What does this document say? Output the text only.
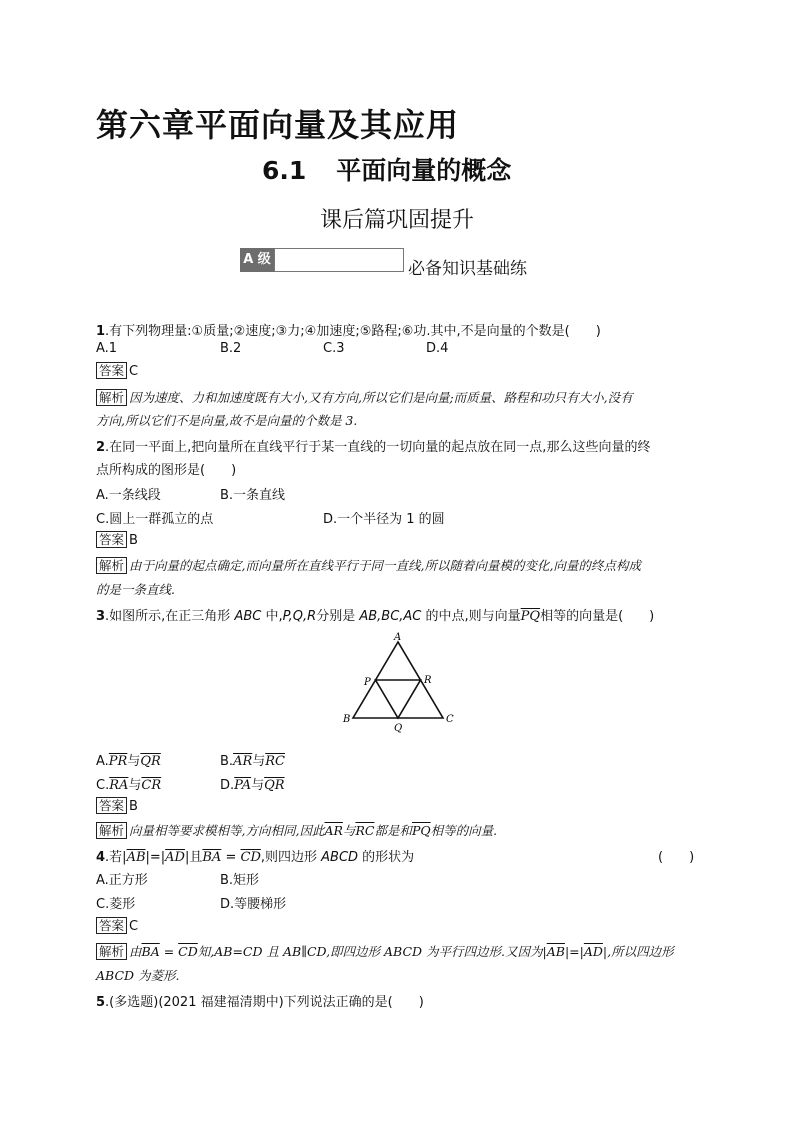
第六章平面向量及其应用
6.1 平面向量的概念
课后篇巩固提升
A 级	必备知识基础练
1.有下列物理量:①质量;②速度;③力;④加速度;⑤路程;⑥功.其中,不是向量的个数是(　　)
A.1	B.2	C.3	D.4
答案 C
解析 因为速度、力和加速度既有大小,又有方向,所以它们是向量;而质量、路程和功只有大小,没有
方向,所以它们不是向量,故不是向量的个数是 3.
2.在同一平面上,把向量所在直线平行于某一直线的一切向量的起点放在同一点,那么这些向量的终
点所构成的图形是(　　)
A.一条线段	B.一条直线
C.圆上一群孤立的点	D.一个半径为 1 的圆
答案 B
解析 由于向量的起点确定,而向量所在直线平行于同一直线,所以随着向量模的变化,向量的终点构成
的是一条直线.
3.如图所示,在正三角形 ABC 中,P,Q,R分别是 AB,BC,AC 的中点,则与向量$\overline{PQ}$相等的向量是(　　)
A
B	C
P
Q
R
$A.\overline{PR}$与$\overline{QR}$	$B.\overline{AR}$与$\overline{RC}$
$C.\overline{RA}$与$\overline{CR}$	$D.\overline{PA}$与$\overline{QR}$
答案 B
解析 向量相等要求模相等,方向相同,因此$\overline{AR}$与$\overline{RC}$都是和$\overline{PQ}$相等的向量.
4.若$|\overline{AB}|=|\overline{AD}|$且$\overline{BA} = \overline{CD}$,则四边形 ABCD 的形状为	(　　)
A.正方形	B.矩形
C.菱形	D.等腰梯形
答案 C
解析 由$\overline{BA} = \overline{CD}$知,AB=CD 且 AB∥CD,即四边形 ABCD 为平行四边形.又因为$|\overline{AB}|=|\overline{AD}|$,所以四边形
ABCD 为菱形.
5.(多选题)(2021 福建福清期中)下列说法正确的是(　　)
